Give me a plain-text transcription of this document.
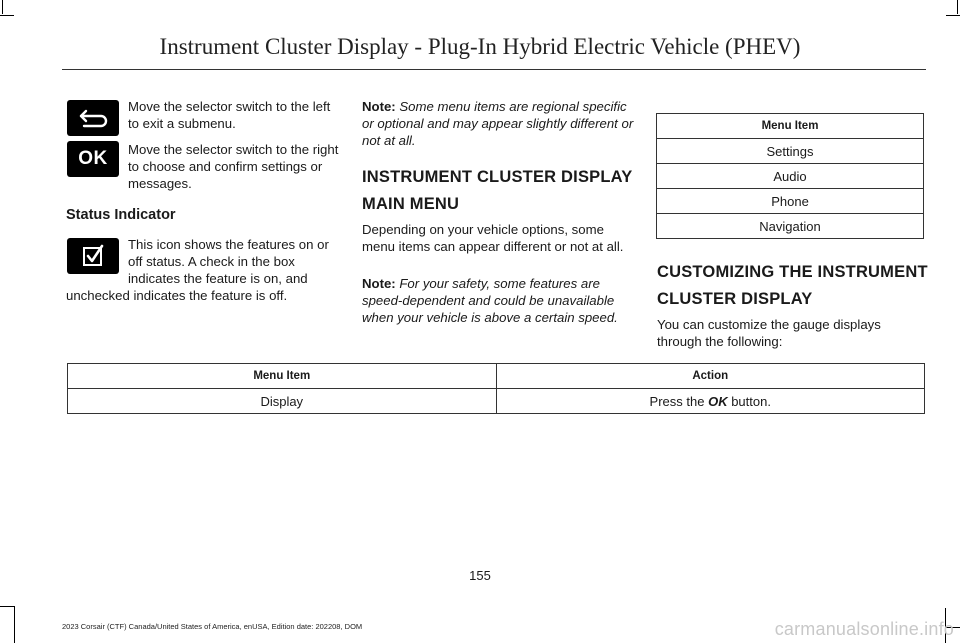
Instrument Cluster Display - Plug-In Hybrid Electric Vehicle (PHEV)

Move the selector switch to the left to exit a submenu.

OK Move the selector switch to the right to choose and confirm settings or messages.

Status Indicator

This icon shows the features on or off status. A check in the box indicates the feature is on, and

unchecked indicates the feature is off.

Note: Some menu items are regional specific or optional and may appear slightly different or not at all.

INSTRUMENT CLUSTER DISPLAY
MAIN MENU

Depending on your vehicle options, some menu items can appear different or not at all.

Note: For your safety, some features are speed-dependent and could be unavailable when your vehicle is above a certain speed.

Menu Item
Settings
Audio
Phone
Navigation
CUSTOMIZING THE INSTRUMENT
CLUSTER DISPLAY

You can customize the gauge displays through the following:

Menu Item	Action
Display	Press the OK button.
155
2023 Corsair (CTF) Canada/United States of America, enUSA, Edition date: 202208, DOM	carmanualsonline.info
